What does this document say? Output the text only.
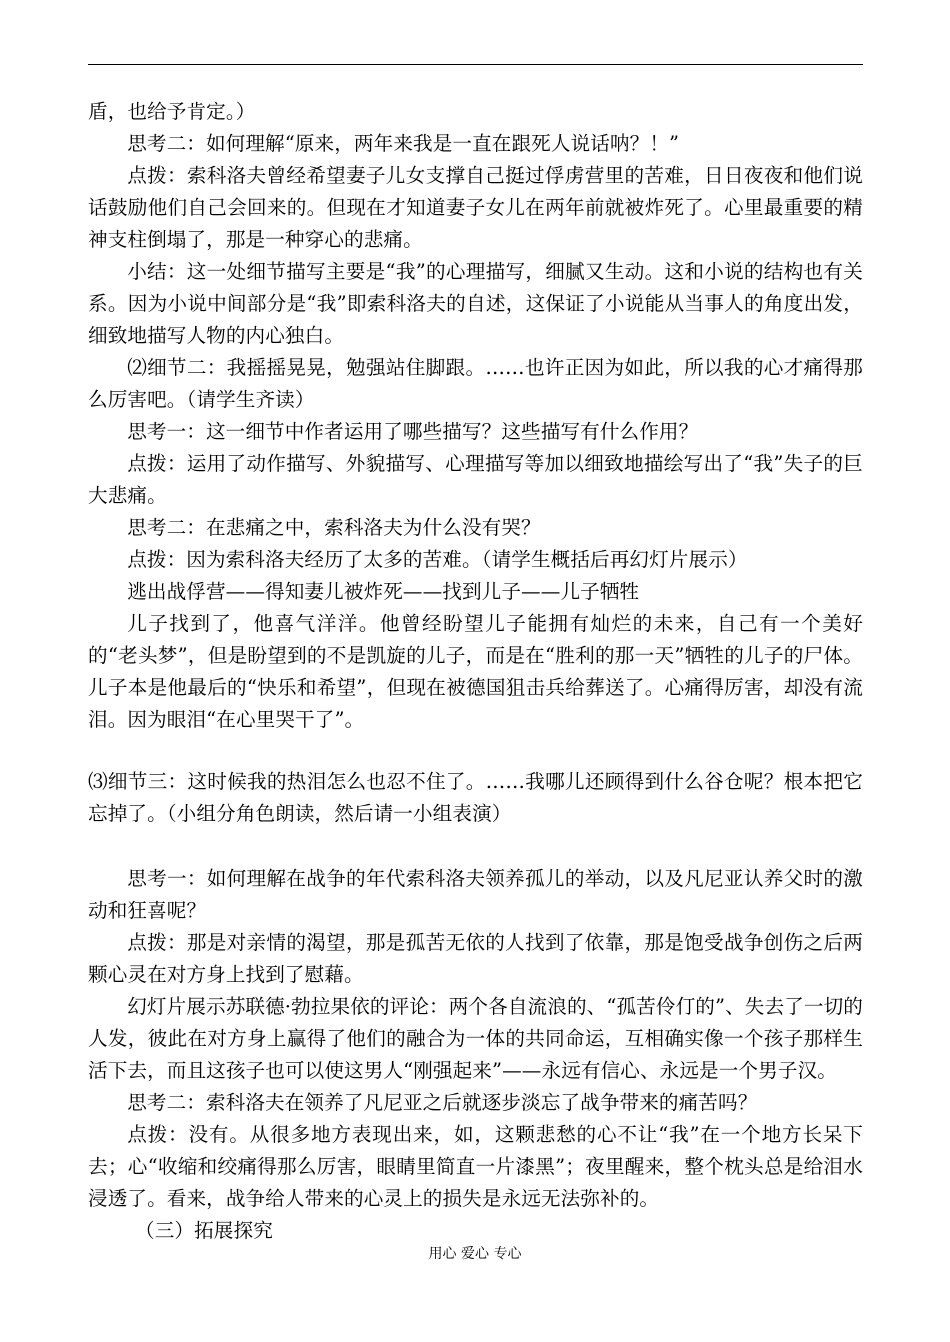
盾，也给予肯定。）

思考二：如何理解“原来，两年来我是一直在跟死人说话呐？！”

点拨：索科洛夫曾经希望妻子儿女支撑自己挺过俘虏营里的苦难，日日夜夜和他们说话鼓励他们自己会回来的。但现在才知道妻子女儿在两年前就被炸死了。心里最重要的精神支柱倒塌了，那是一种穿心的悲痛。

小结：这一处细节描写主要是“我”的心理描写，细腻又生动。这和小说的结构也有关系。因为小说中间部分是“我”即索科洛夫的自述，这保证了小说能从当事人的角度出发，细致地描写人物的内心独白。

⑵细节二：我摇摇晃晃，勉强站住脚跟。……也许正因为如此，所以我的心才痛得那么厉害吧。（请学生齐读）

思考一：这一细节中作者运用了哪些描写？这些描写有什么作用？

点拨：运用了动作描写、外貌描写、心理描写等加以细致地描绘写出了“我”失子的巨大悲痛。

思考二：在悲痛之中，索科洛夫为什么没有哭？

点拨：因为索科洛夫经历了太多的苦难。（请学生概括后再幻灯片展示）

逃出战俘营——得知妻儿被炸死——找到儿子——儿子牺牲

儿子找到了，他喜气洋洋。他曾经盼望儿子能拥有灿烂的未来，自己有一个美好的“老头梦”，但是盼望到的不是凯旋的儿子，而是在“胜利的那一天”牺牲的儿子的尸体。儿子本是他最后的“快乐和希望”，但现在被德国狙击兵给葬送了。心痛得厉害，却没有流泪。因为眼泪“在心里哭干了”。

⑶细节三：这时候我的热泪怎么也忍不住了。……我哪儿还顾得到什么谷仓呢？根本把它忘掉了。（小组分角色朗读，然后请一小组表演）

思考一：如何理解在战争的年代索科洛夫领养孤儿的举动，以及凡尼亚认养父时的激动和狂喜呢？

点拨：那是对亲情的渴望，那是孤苦无依的人找到了依靠，那是饱受战争创伤之后两颗心灵在对方身上找到了慰藉。

幻灯片展示苏联德·勃拉果依的评论：两个各自流浪的、“孤苦伶仃的”、失去了一切的人发，彼此在对方身上赢得了他们的融合为一体的共同命运，互相确实像一个孩子那样生活下去，而且这孩子也可以使这男人“刚强起来”——永远有信心、永远是一个男子汉。

思考二：索科洛夫在领养了凡尼亚之后就逐步淡忘了战争带来的痛苦吗？

点拨：没有。从很多地方表现出来，如，这颗悲愁的心不让“我”在一个地方长呆下去；心“收缩和绞痛得那么厉害，眼睛里简直一片漆黑”；夜里醒来，整个枕头总是给泪水浸透了。看来，战争给人带来的心灵上的损失是永远无法弥补的。

（三）拓展探究

用心 爱心 专心
